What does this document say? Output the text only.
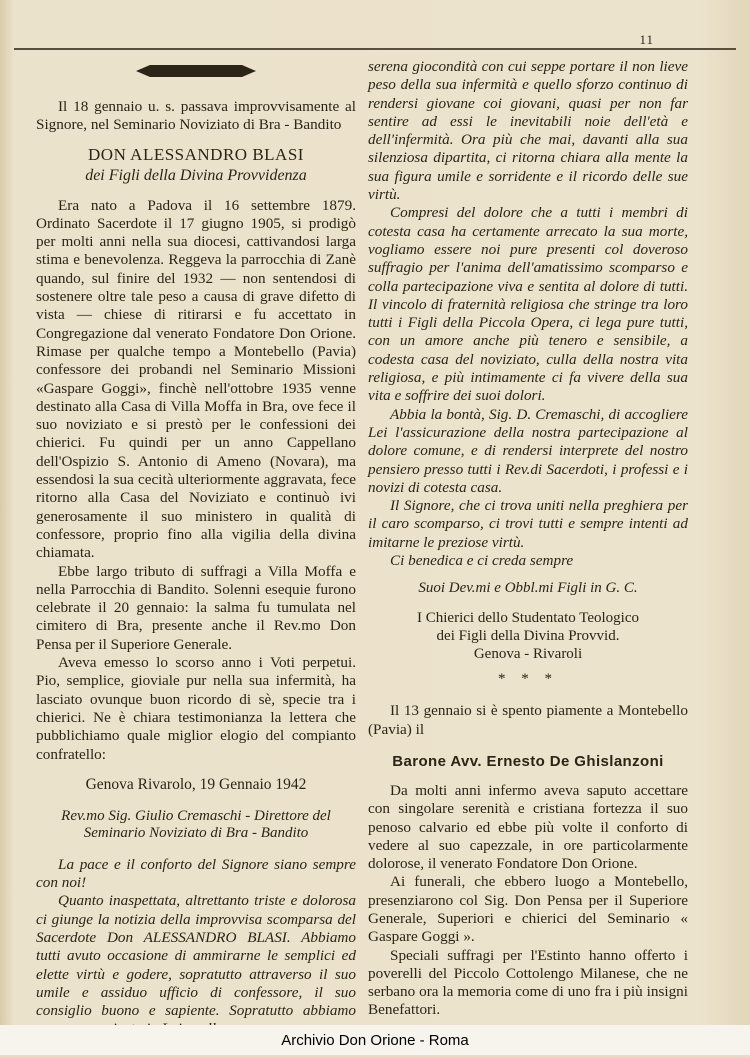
11

Il 18 gennaio u. s. passava improvvisamente al Signore, nel Seminario Noviziato di Bra - Bandito

DON ALESSANDRO BLASI

dei Figli della Divina Provvidenza

Era nato a Padova il 16 settembre 1879. Ordinato Sacerdote il 17 giugno 1905, si prodigò per molti anni nella sua diocesi, cattivandosi larga stima e benevolenza. Reggeva la parrocchia di Zanè quando, sul finire del 1932 — non sentendosi di sostenere oltre tale peso a causa di grave difetto di vista — chiese di ritirarsi e fu accettato in Congregazione dal venerato Fondatore Don Orione. Rimase per qualche tempo a Montebello (Pavia) confessore dei probandi nel Seminario Missioni «Gaspare Goggi», finchè nell'ottobre 1935 venne destinato alla Casa di Villa Moffa in Bra, ove fece il suo noviziato e si prestò per le confessioni dei chierici. Fu quindi per un anno Cappellano dell'Ospizio S. Antonio di Ameno (Novara), ma essendosi la sua cecità ulteriormente aggravata, fece ritorno alla Casa del Noviziato e continuò ivi generosamente il suo ministero in qualità di confessore, proprio fino alla vigilia della divina chiamata.

Ebbe largo tributo di suffragi a Villa Moffa e nella Parrocchia di Bandito. Solenni esequie furono celebrate il 20 gennaio: la salma fu tumulata nel cimitero di Bra, presente anche il Rev.mo Don Pensa per il Superiore Generale.

Aveva emesso lo scorso anno i Voti perpetui. Pio, semplice, gioviale pur nella sua infermità, ha lasciato ovunque buon ricordo di sè, specie tra i chierici. Ne è chiara testimonianza la lettera che pubblichiamo quale miglior elogio del compianto confratello:

Genova Rivarolo, 19 Gennaio 1942

Rev.mo Sig. Giulio Cremaschi - Direttore del Seminario Noviziato di Bra - Bandito

La pace e il conforto del Signore siano sempre con noi!

Quanto inaspettata, altrettanto triste e dolorosa ci giunge la notizia della improvvisa scomparsa del Sacerdote Don ALESSANDRO BLASI. Abbiamo tutti avuto occasione di ammirarne le semplici ed elette virtù e godere, sopratutto attraverso il suo umile e assiduo ufficio di confessore, il suo consiglio buono e sapiente. Sopratutto abbiamo

serena giocondità con cui seppe portare il non lieve peso della sua infermità e quello sforzo continuo di rendersi giovane coi giovani, quasi per non far sentire ad essi le inevitabili noie dell'età e dell'infermità. Ora più che mai, davanti alla sua silenziosa dipartita, ci ritorna chiara alla mente la sua figura umile e sorridente e il ricordo delle sue virtù.

Compresi del dolore che a tutti i membri di cotesta casa ha certamente arrecato la sua morte, vogliamo essere noi pure presenti col doveroso suffragio per l'anima dell'amatissimo scomparso e colla partecipazione viva e sentita al dolore di tutti. Il vincolo di fraternità religiosa che stringe tra loro tutti i Figli della Piccola Opera, ci lega pure tutti, con un amore anche più tenero e sensibile, a codesta casa del noviziato, culla della nostra vita religiosa, e più intimamente ci fa vivere della sua vita e soffrire dei suoi dolori.

Abbia la bontà, Sig. D. Cremaschi, di accogliere Lei l'assicurazione della nostra partecipazione al dolore comune, e di rendersi interprete del nostro pensiero presso tutti i Rev.di Sacerdoti, i professi e i novizi di cotesta casa.

Il Signore, che ci trova uniti nella preghiera per il caro scomparso, ci trovi tutti e sempre intenti ad imitarne le preziose virtù.

Ci benedica e ci creda sempre

Suoi Dev.mi e Obbl.mi Figli in G. C.

I Chierici dello Studentato Teologico
dei Figli della Divina Provvid.
Genova - Rivaroli

* * *

Il 13 gennaio si è spento piamente a Montebello (Pavia) il

Barone Avv. Ernesto De Ghislanzoni

Da molti anni infermo aveva saputo accettare con singolare serenità e cristiana fortezza il suo penoso calvario ed ebbe più volte il conforto di vedere al suo capezzale, in ore particolarmente dolorose, il venerato Fondatore Don Orione.

Ai funerali, che ebbero luogo a Montebello, presenziarono col Sig. Don Pensa per il Superiore Generale, Superiori e chierici del Seminario « Gaspare Goggi ».

Speciali suffragi per l'Estinto hanno offerto i poverelli del Piccolo Cottolengo Milanese, che ne serbano ora la memoria come di uno fra i più insigni Benefattori.

Archivio Don Orione - Roma
